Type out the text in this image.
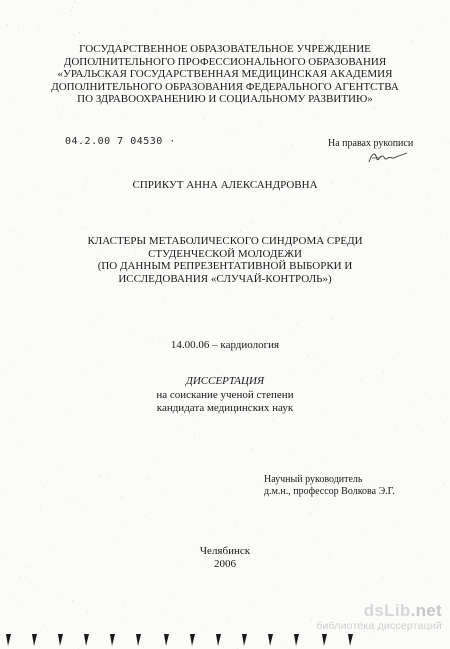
ГОСУДАРСТВЕННОЕ ОБРАЗОВАТЕЛЬНОЕ УЧРЕЖДЕНИЕ
ДОПОЛНИТЕЛЬНОГО ПРОФЕССИОНАЛЬНОГО ОБРАЗОВАНИЯ
«УРАЛЬСКАЯ ГОСУДАРСТВЕННАЯ МЕДИЦИНСКАЯ АКАДЕМИЯ
ДОПОЛНИТЕЛЬНОГО ОБРАЗОВАНИЯ ФЕДЕРАЛЬНОГО АГЕНТСТВА
ПО ЗДРАВООХРАНЕНИЮ И СОЦИАЛЬНОМУ РАЗВИТИЮ»
04.2.00 7 04530 ·	На правах рукописи
СПРИКУТ АННА АЛЕКСАНДРОВНА
КЛАСТЕРЫ МЕТАБОЛИЧЕСКОГО СИНДРОМА СРЕДИ
СТУДЕНЧЕСКОЙ МОЛОДЕЖИ
(ПО ДАННЫМ РЕПРЕЗЕНТАТИВНОЙ ВЫБОРКИ И
ИССЛЕДОВАНИЯ «СЛУЧАЙ-КОНТРОЛЬ»)
14.00.06 – кардиология
ДИССЕРТАЦИЯ
на соискание ученой степени
кандидата медицинских наук
Научный руководитель
д.м.н., профессор Волкова Э.Г.
Челябинск
2006
dsLib.net
библиотека диссертаций
